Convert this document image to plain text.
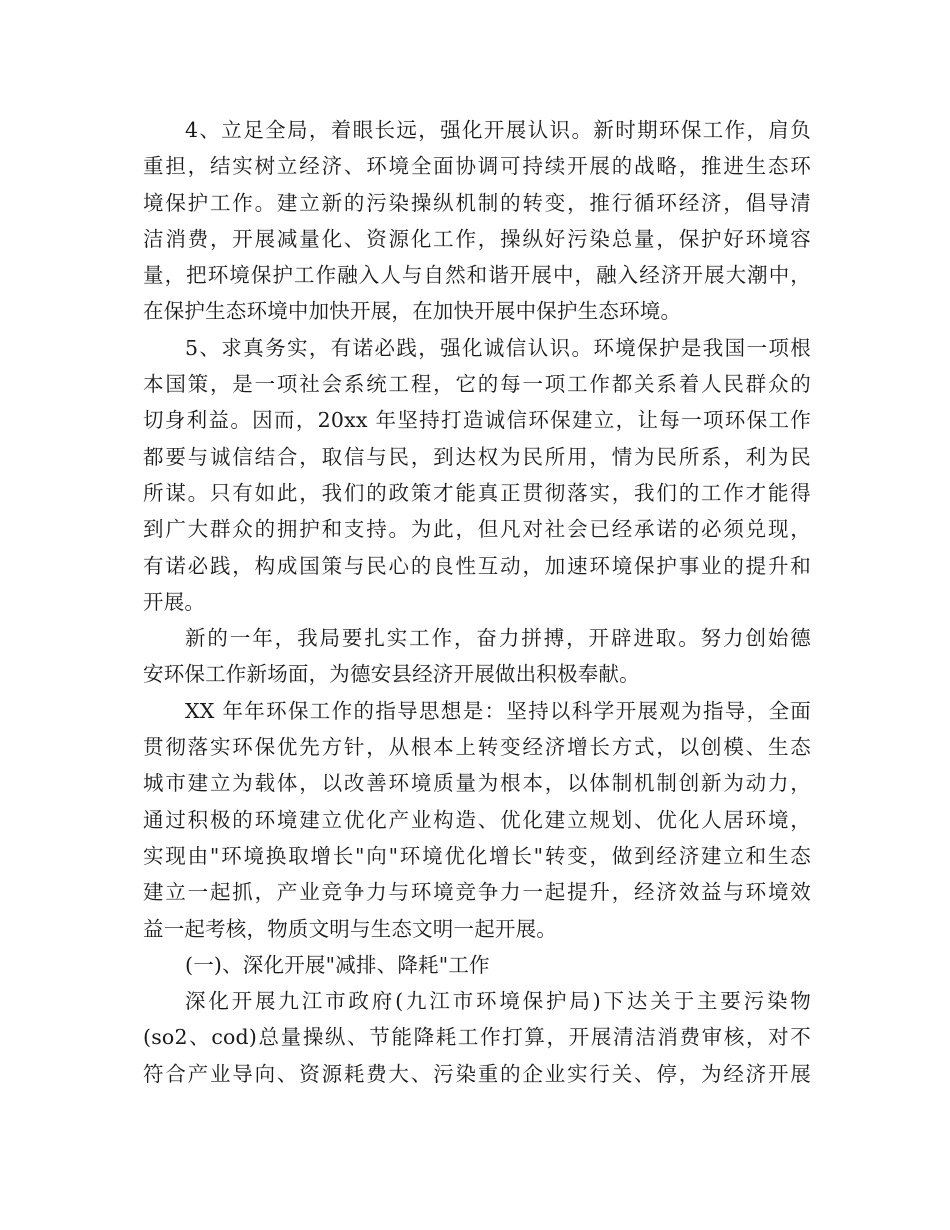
4、立足全局，着眼长远，强化开展认识。新时期环保工作，肩负
重担，结实树立经济、环境全面协调可持续开展的战略，推进生态环
境保护工作。建立新的污染操纵机制的转变，推行循环经济，倡导清
洁消费，开展减量化、资源化工作，操纵好污染总量，保护好环境容
量，把环境保护工作融入人与自然和谐开展中，融入经济开展大潮中，
在保护生态环境中加快开展，在加快开展中保护生态环境。
5、求真务实，有诺必践，强化诚信认识。环境保护是我国一项根
本国策，是一项社会系统工程，它的每一项工作都关系着人民群众的
切身利益。因而，20xx 年坚持打造诚信环保建立，让每一项环保工作
都要与诚信结合，取信与民，到达权为民所用，情为民所系，利为民
所谋。只有如此，我们的政策才能真正贯彻落实，我们的工作才能得
到广大群众的拥护和支持。为此，但凡对社会已经承诺的必须兑现，
有诺必践，构成国策与民心的良性互动，加速环境保护事业的提升和
开展。
新的一年，我局要扎实工作，奋力拼搏，开辟进取。努力创始德
安环保工作新场面，为德安县经济开展做出积极奉献。
XX 年年环保工作的指导思想是：坚持以科学开展观为指导，全面
贯彻落实环保优先方针，从根本上转变经济增长方式，以创模、生态
城市建立为载体，以改善环境质量为根本，以体制机制创新为动力，
通过积极的环境建立优化产业构造、优化建立规划、优化人居环境，
实现由"环境换取增长"向"环境优化增长"转变，做到经济建立和生态
建立一起抓，产业竞争力与环境竞争力一起提升，经济效益与环境效
益一起考核，物质文明与生态文明一起开展。
(一)、深化开展"减排、降耗"工作
深化开展九江市政府(九江市环境保护局)下达关于主要污染物
(so2、cod)总量操纵、节能降耗工作打算，开展清洁消费审核，对不
符合产业导向、资源耗费大、污染重的企业实行关、停，为经济开展
